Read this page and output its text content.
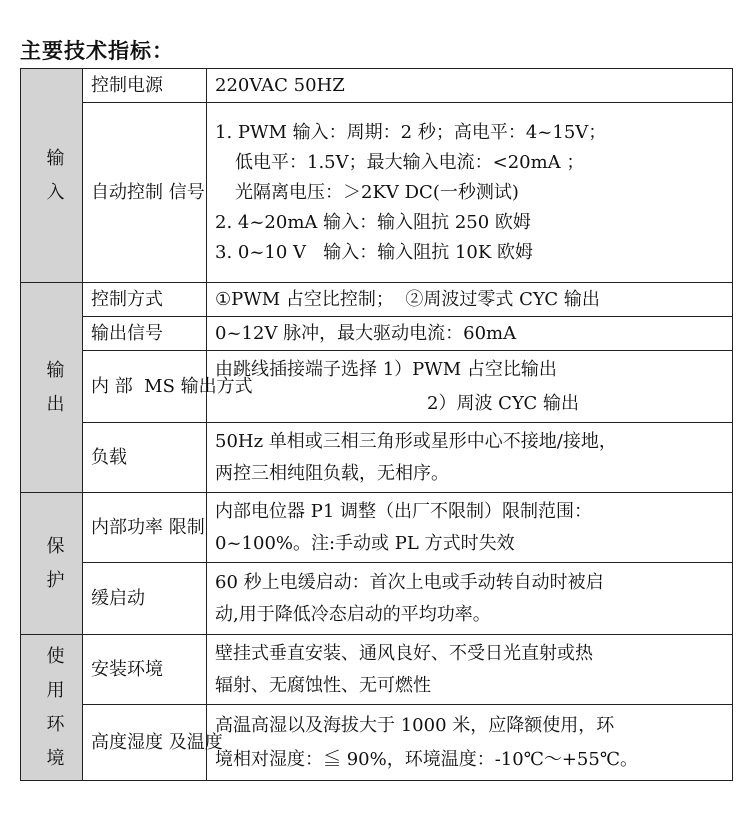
主要技术指标：
输
入	控制电源	220VAC 50HZ

	自动控制 信号	1. PWM 输入：周期：2 秒；高电平：4~15V；
低电平：1.5V；最大输入电流：<20mA ；
光隔离电压：＞2KV DC(一秒测试)
2. 4~20mA 输入：输入阻抗 250 欧姆
3. 0~10 V   输入：输入阻抗 10K 欧姆

输
出	控制方式	①PWM 占空比控制；  ②周波过零式 CYC 输出

	输出信号	0~12V 脉冲，最大驱动电流：60mA

	内 部  MS 输出方式	由跳线插接端子选择 1）PWM 占空比输出
2）周波 CYC 输出

	负载	50Hz 单相或三相三角形或星形中心不接地/接地，
两控三相纯阻负载，无相序。

保
护	内部功率 限制	内部电位器 P1 调整（出厂不限制）限制范围：
0~100%。注:手动或 PL 方式时失效

	缓启动	60 秒上电缓启动：首次上电或手动转自动时被启
动,用于降低冷态启动的平均功率。

使
用
环
境	安装环境	壁挂式垂直安装、通风良好、不受日光直射或热
辐射、无腐蚀性、无可燃性

	高度湿度 及温度	高温高湿以及海拔大于 1000 米，应降额使用，环
境相对湿度：≦ 90%，环境温度：-10℃～+55℃。
